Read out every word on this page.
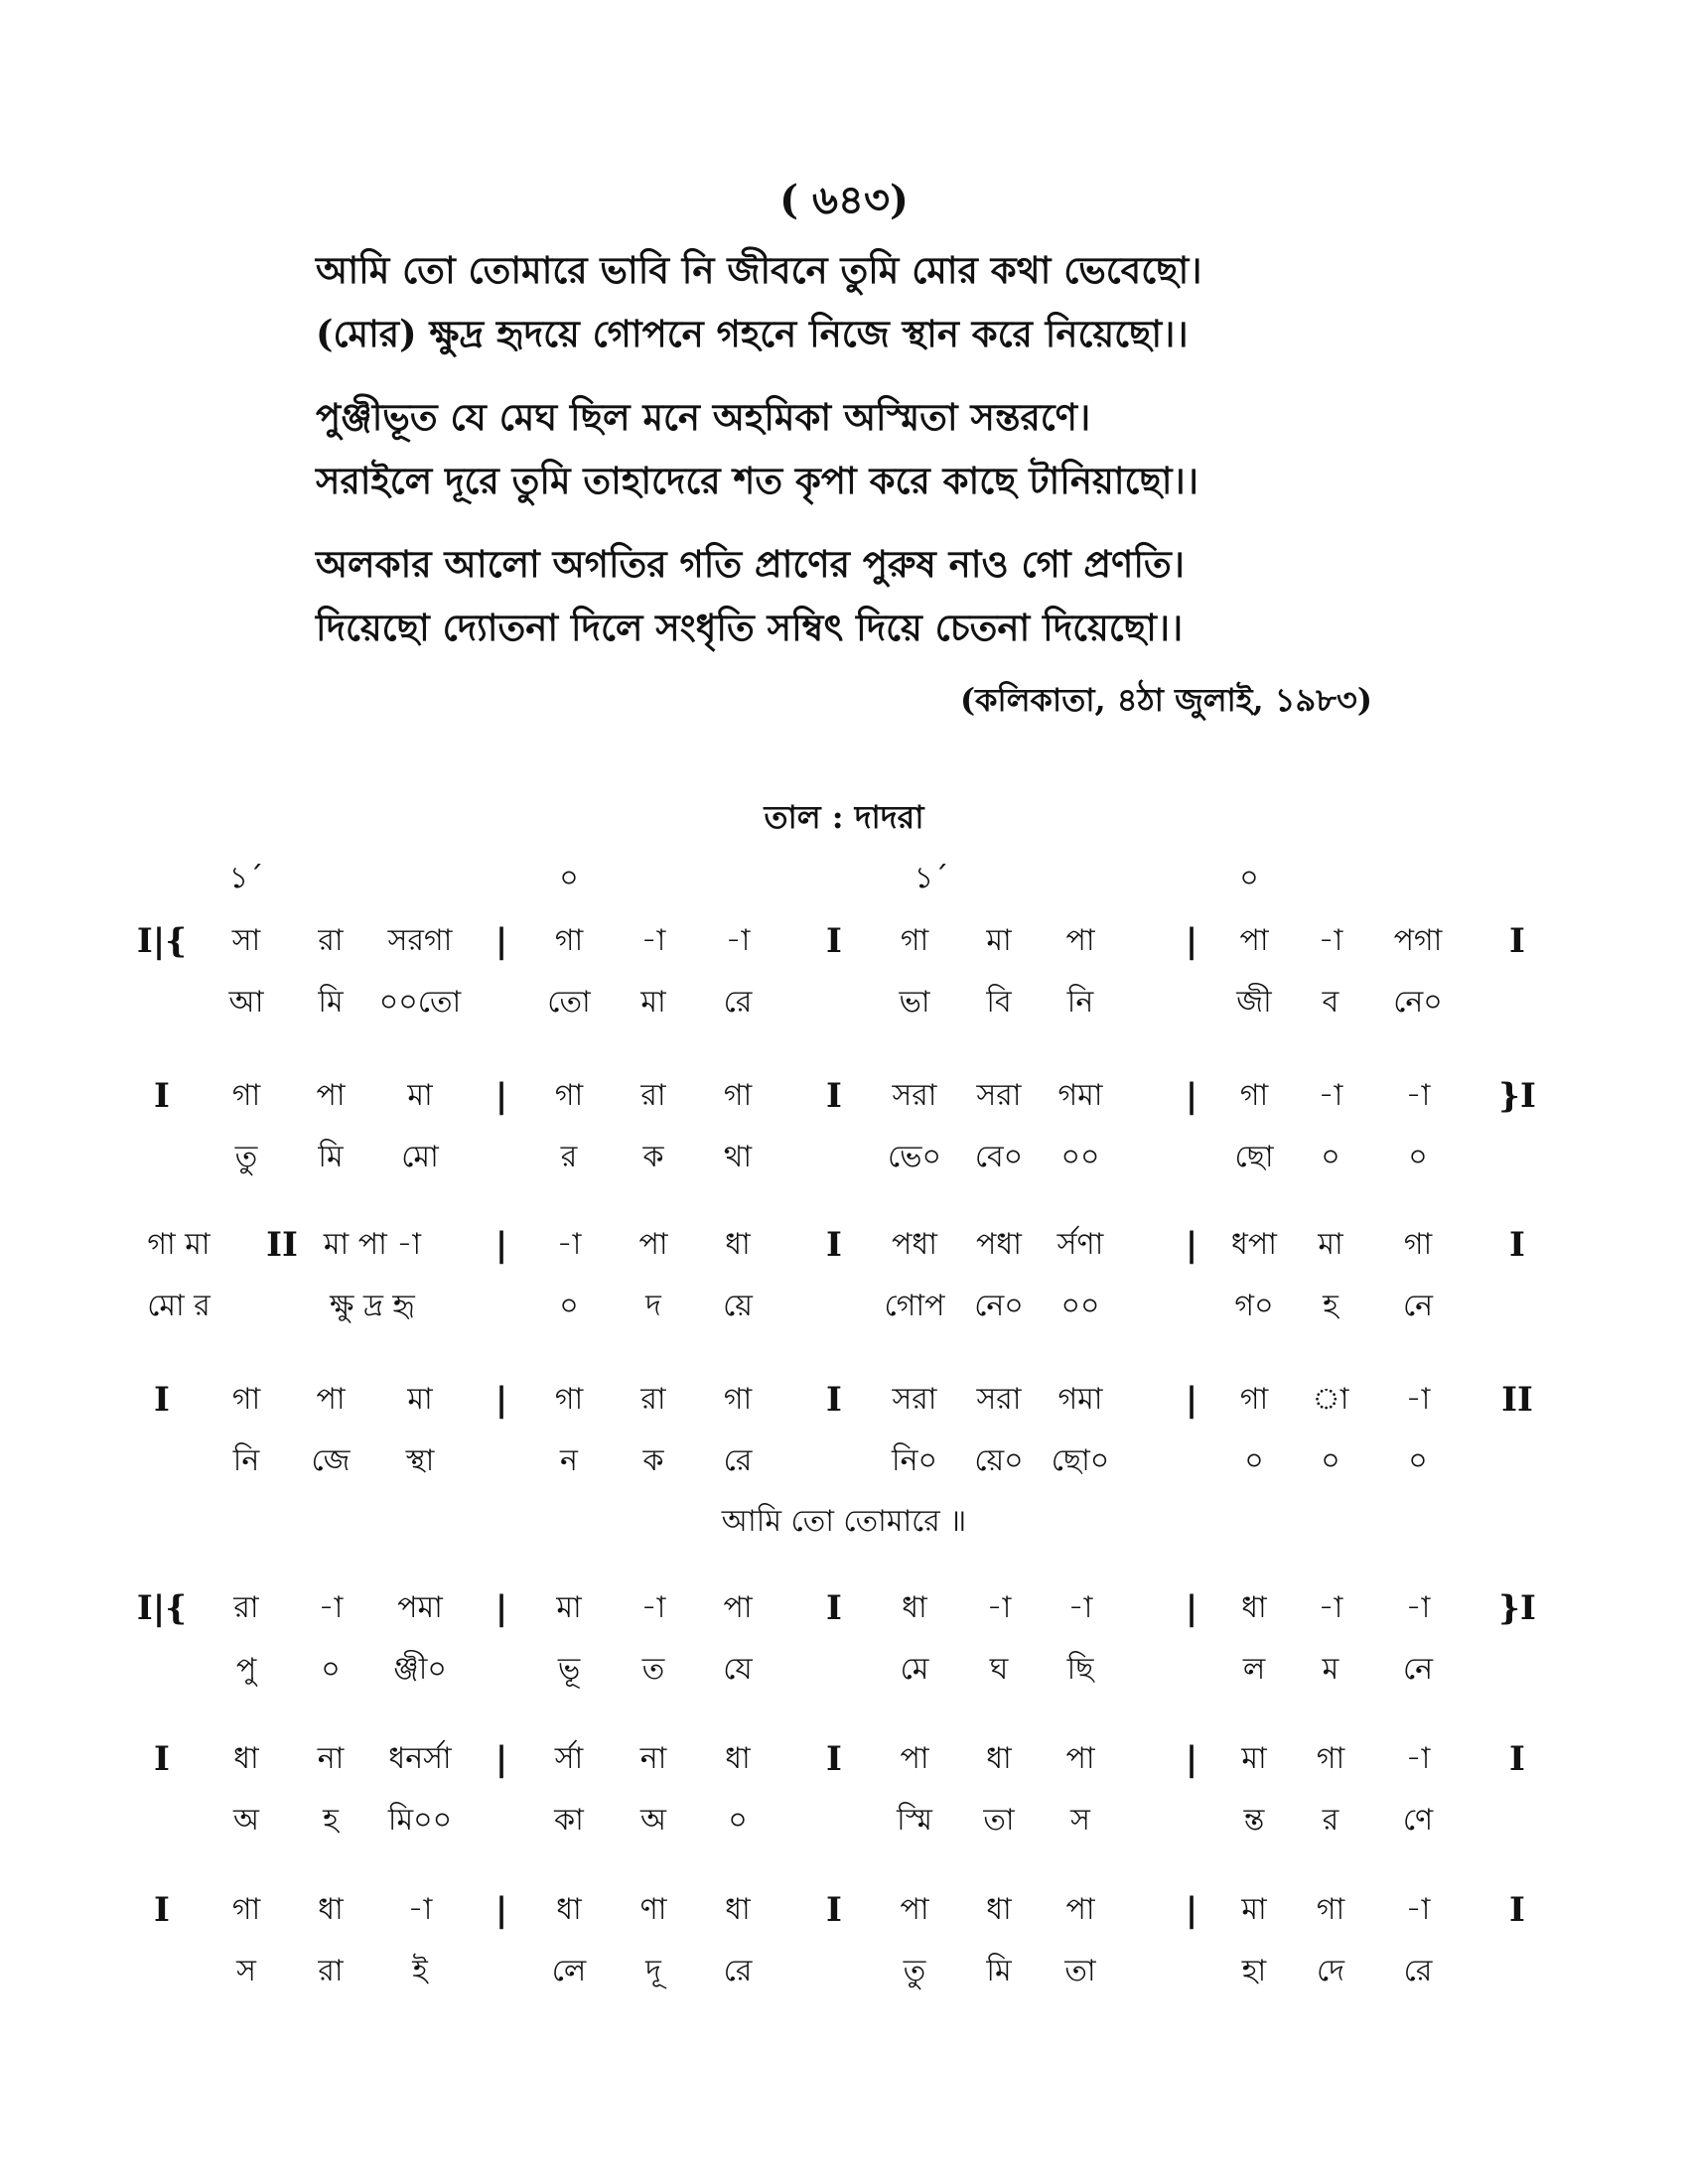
( ৬৪৩)
আমি তো তোমারে ভাবি নি জীবনে তুমি মোর কথা ভেবেছো।
(মোর) ক্ষুদ্র হৃদয়ে গোপনে গহনে নিজে স্থান করে নিয়েছো।।
পুঞ্জীভূত যে মেঘ ছিল মনে অহমিকা অস্মিতা সন্তরণে।
সরাইলে দূরে তুমি তাহাদেরে শত কৃপা করে কাছে টানিয়াছো।।
অলকার আলো অগতির গতি প্রাণের পুরুষ নাও গো প্রণতি।
দিয়েছো দ্যোতনা দিলে সংধৃতি সম্বিৎ দিয়ে চেতনা দিয়েছো।।
(কলিকাতা, ৪ঠা জুলাই, ১৯৮৩)
তাল : দাদরা
১´	০	১´	০
I|{ সা রা সরগা | গা -া -া I গা মা পা	| পা -া পগা I
আ মি ০০তো	তো মা রে	ভা বি নি	জী ব নে০
I গা পা মা | গা রা গা I সরা সরা গমা | গা -া -া }I
তু মি মো	র ক থা	ভে০ বে০ ০০	ছো ০ ০
গা মা II মা পা -া | -া পা ধা I পধা পধা র্সণা | ধপা মা গা I
মো র	ক্ষু দ্র হৃ	০ দ য়ে	গোপ নে০ ০০	গ০ হ নে
I গা পা মা | গা রা গা I সরা সরা গমা | গা া -া II
নি জে স্থা	ন ক রে	নি০ য়ে০ ছো০	০ ০ ০
I|{ রা -া পমা | মা -া পা I ধা -া -া	| ধা -া -া }I
পু ০ ঞ্জী০	ভূ ত যে	মে ঘ ছি	ল ম নে
I ধা না ধনর্সা | র্সা না ধা I পা ধা পা	| মা গা -া I
অ হ মি০০	কা অ ০	স্মি তা স	ন্ত র ণে
I গা ধা -া | ধা ণা ধা I পা ধা পা	| মা গা -া I
স রা ই	লে দূ রে	তু মি তা	হা দে রে
আমি তো তোমারে ॥
